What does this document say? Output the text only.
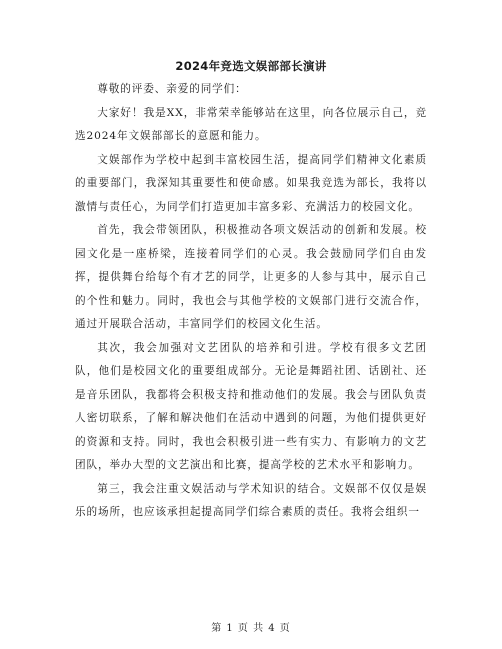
2024年竞选文娱部部长演讲

尊敬的评委、亲爱的同学们：

大家好！我是XX，非常荣幸能够站在这里，向各位展示自己，竞选2024年文娱部部长的意愿和能力。

文娱部作为学校中起到丰富校园生活，提高同学们精神文化素质的重要部门，我深知其重要性和使命感。如果我竞选为部长，我将以激情与责任心，为同学们打造更加丰富多彩、充满活力的校园文化。

首先，我会带领团队，积极推动各项文娱活动的创新和发展。校园文化是一座桥梁，连接着同学们的心灵。我会鼓励同学们自由发挥，提供舞台给每个有才艺的同学，让更多的人参与其中，展示自己的个性和魅力。同时，我也会与其他学校的文娱部门进行交流合作，通过开展联合活动，丰富同学们的校园文化生活。

其次，我会加强对文艺团队的培养和引进。学校有很多文艺团队，他们是校园文化的重要组成部分。无论是舞蹈社团、话剧社、还是音乐团队，我都将会积极支持和推动他们的发展。我会与团队负责人密切联系，了解和解决他们在活动中遇到的问题，为他们提供更好的资源和支持。同时，我也会积极引进一些有实力、有影响力的文艺团队，举办大型的文艺演出和比赛，提高学校的艺术水平和影响力。

第三，我会注重文娱活动与学术知识的结合。文娱部不仅仅是娱乐的场所，也应该承担起提高同学们综合素质的责任。我将会组织一

第 1 页 共 4 页
